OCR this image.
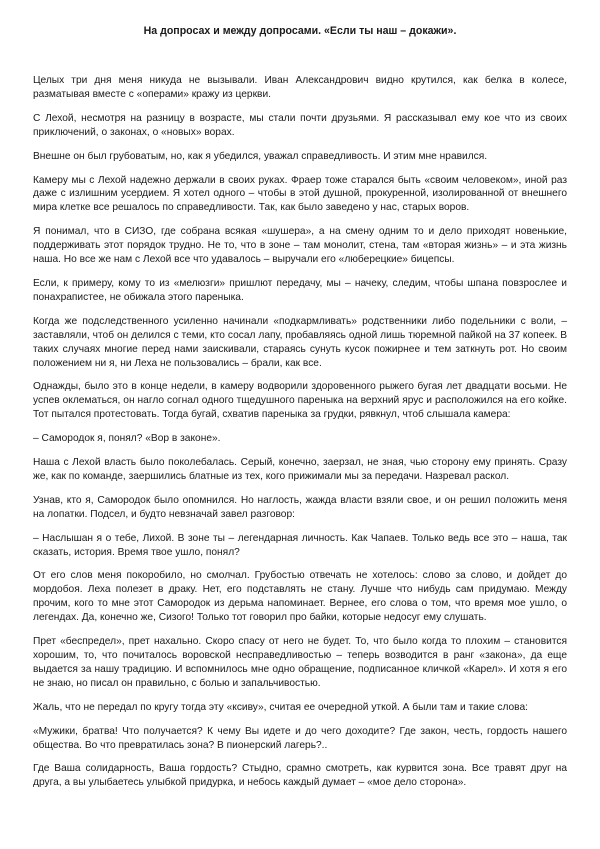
На допросах и между допросами. «Если ты наш – докажи».

Целых три дня меня никуда не вызывали. Иван Александрович видно крутился, как белка в колесе, разматывая вместе с «операми» кражу из церкви.

С Лехой, несмотря на разницу в возрасте, мы стали почти друзьями. Я рассказывал ему кое что из своих приключений, о законах, о «новых» ворах.

Внешне он был грубоватым, но, как я убедился, уважал справедливость. И этим мне нравился.

Камеру мы с Лехой надежно держали в своих руках. Фраер тоже старался быть «своим человеком», иной раз даже с излишним усердием. Я хотел одного – чтобы в этой душной, прокуренной, изолированной от внешнего мира клетке все решалось по справедливости. Так, как было заведено у нас, старых воров.

Я понимал, что в СИЗО, где собрана всякая «шушера», а на смену одним то и дело приходят новенькие, поддерживать этот порядок трудно. Не то, что в зоне – там монолит, стена, там «вторая жизнь» – и эта жизнь наша. Но все же нам с Лехой все что удавалось – выручали его «люберецкие» бицепсы.

Если, к примеру, кому то из «мелюзги» пришлют передачу, мы – начеку, следим, чтобы шпана повзрослее и понахрапистее, не обижала этого пареныка.

Когда же подследственного усиленно начинали «подкармливать» родственники либо подельники с воли, – заставляли, чтоб он делился с теми, кто сосал лапу, пробавляясь одной лишь тюремной пайкой на 37 копеек. В таких случаях многие перед нами заискивали, стараясь сунуть кусок пожирнее и тем заткнуть рот. Но своим положением ни я, ни Леха не пользовались – брали, как все.

Однажды, было это в конце недели, в камеру водворили здоровенного рыжего бугая лет двадцати восьми. Не успев оклематься, он нагло согнал одного тщедушного пареныка на верхний ярус и расположился на его койке. Тот пытался протестовать. Тогда бугай, схватив пареныка за грудки, рявкнул, чтоб слышала камера:

– Самородок я, понял? «Вор в законе».

Наша с Лехой власть было поколебалась. Серый, конечно, заерзал, не зная, чью сторону ему принять. Сразу же, как по команде, заершились блатные из тех, кого прижимали мы за передачи. Назревал раскол.

Узнав, кто я, Самородок было опомнился. Но наглость, жажда власти взяли свое, и он решил положить меня на лопатки. Подсел, и будто невзначай завел разговор:

– Наслышан я о тебе, Лихой. В зоне ты – легендарная личность. Как Чапаев. Только ведь все это – наша, так сказать, история. Время твое ушло, понял?

От его слов меня покоробило, но смолчал. Грубостью отвечать не хотелось: слово за слово, и дойдет до мордобоя. Леха полезет в драку. Нет, его подставлять не стану. Лучше что нибудь сам придумаю. Между прочим, кого то мне этот Самородок из дерьма напоминает. Вернее, его слова о том, что время мое ушло, о легендах. Да, конечно же, Сизого! Только тот говорил про байки, которые недосуг ему слушать.

Прет «беспредел», прет нахально. Скоро спасу от него не будет. То, что было когда то плохим – становится хорошим, то, что почиталось воровской несправедливостью – теперь возводится в ранг «закона», да еще выдается за нашу традицию. И вспомнилось мне одно обращение, подписанное кличкой «Карел». И хотя я его не знаю, но писал он правильно, с болью и запальчивостью.

Жаль, что не передал по кругу тогда эту «ксиву», считая ее очередной уткой. А были там и такие слова:

«Мужики, братва! Что получается? К чему Вы идете и до чего доходите? Где закон, честь, гордость нашего общества. Во что превратилась зона? В пионерский лагерь?..

Где Ваша солидарность, Ваша гордость? Стыдно, срамно смотреть, как курвится зона. Все травят друг на друга, а вы улыбаетесь улыбкой придурка, и небось каждый думает – «мое дело сторона».
